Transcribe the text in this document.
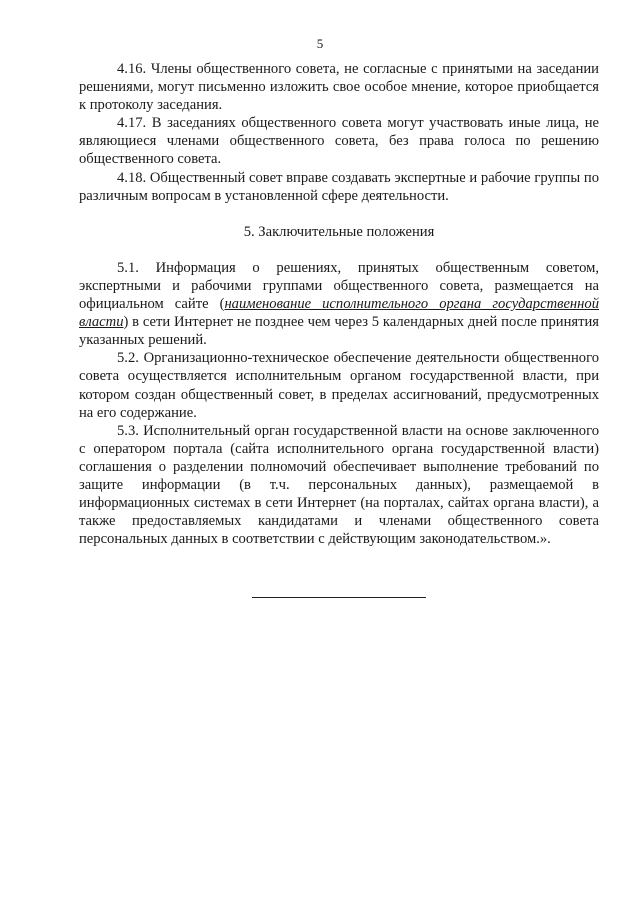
5

4.16. Члены общественного совета, не согласные с принятыми на заседании решениями, могут письменно изложить свое особое мнение, которое приобщается к протоколу заседания.

4.17. В заседаниях общественного совета могут участвовать иные лица, не являющиеся членами общественного совета, без права голоса по решению общественного совета.

4.18. Общественный совет вправе создавать экспертные и рабочие группы по различным вопросам в установленной сфере деятельности.

5. Заключительные положения

5.1. Информация о решениях, принятых общественным советом, экспертными и рабочими группами общественного совета, размещается на официальном сайте (наименование исполнительного органа государственной власти) в сети Интернет не позднее чем через 5 календарных дней после принятия указанных решений.

5.2. Организационно-техническое обеспечение деятельности общественного совета осуществляется исполнительным органом государственной власти, при котором создан общественный совет, в пределах ассигнований, предусмотренных на его содержание.

5.3. Исполнительный орган государственной власти на основе заключенного с оператором портала (сайта исполнительного органа государственной власти) соглашения о разделении полномочий обеспечивает выполнение требований по защите информации (в т.ч. персональных данных), размещаемой в информационных системах в сети Интернет (на порталах, сайтах органа власти), а также предоставляемых кандидатами и членами общественного совета персональных данных в соответствии с действующим законодательством.».
